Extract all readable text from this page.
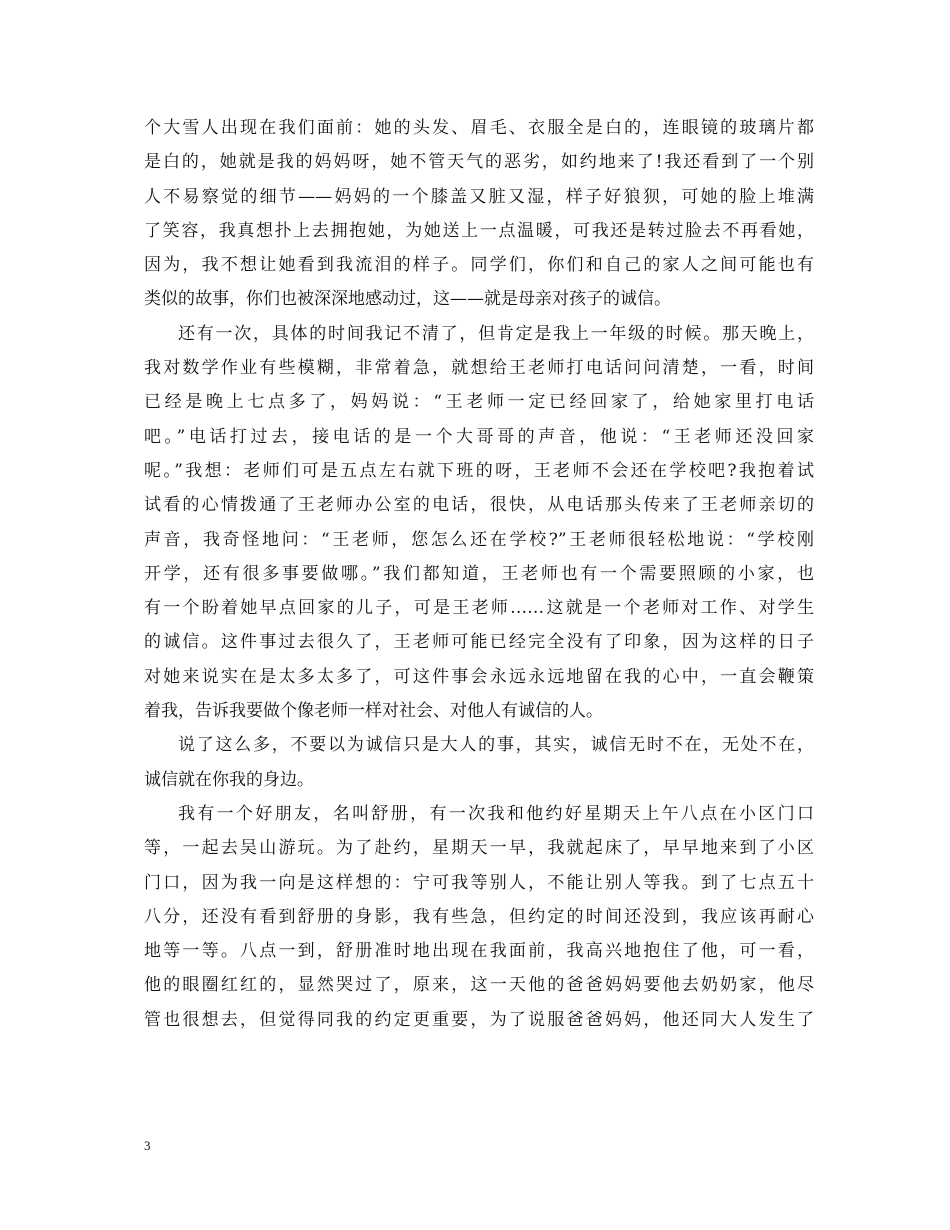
个大雪人出现在我们面前：她的头发、眉毛、衣服全是白的，连眼镜的玻璃片都
是白的，她就是我的妈妈呀，她不管天气的恶劣，如约地来了!我还看到了一个别
人不易察觉的细节——妈妈的一个膝盖又脏又湿，样子好狼狈，可她的脸上堆满
了笑容，我真想扑上去拥抱她，为她送上一点温暖，可我还是转过脸去不再看她，
因为，我不想让她看到我流泪的样子。同学们，你们和自己的家人之间可能也有
类似的故事，你们也被深深地感动过，这——就是母亲对孩子的诚信。
还有一次，具体的时间我记不清了，但肯定是我上一年级的时候。那天晚上，
我对数学作业有些模糊，非常着急，就想给王老师打电话问问清楚，一看，时间
已经是晚上七点多了，妈妈说：“王老师一定已经回家了，给她家里打电话
吧。”电话打过去，接电话的是一个大哥哥的声音，他说：“王老师还没回家
呢。”我想：老师们可是五点左右就下班的呀，王老师不会还在学校吧?我抱着试
试看的心情拨通了王老师办公室的电话，很快，从电话那头传来了王老师亲切的
声音，我奇怪地问：“王老师，您怎么还在学校?”王老师很轻松地说：“学校刚
开学，还有很多事要做哪。”我们都知道，王老师也有一个需要照顾的小家，也
有一个盼着她早点回家的儿子，可是王老师……这就是一个老师对工作、对学生
的诚信。这件事过去很久了，王老师可能已经完全没有了印象，因为这样的日子
对她来说实在是太多太多了，可这件事会永远永远地留在我的心中，一直会鞭策
着我，告诉我要做个像老师一样对社会、对他人有诚信的人。
说了这么多，不要以为诚信只是大人的事，其实，诚信无时不在，无处不在，
诚信就在你我的身边。
我有一个好朋友，名叫舒册，有一次我和他约好星期天上午八点在小区门口
等，一起去吴山游玩。为了赴约，星期天一早，我就起床了，早早地来到了小区
门口，因为我一向是这样想的：宁可我等别人，不能让别人等我。到了七点五十
八分，还没有看到舒册的身影，我有些急，但约定的时间还没到，我应该再耐心
地等一等。八点一到，舒册准时地出现在我面前，我高兴地抱住了他，可一看，
他的眼圈红红的，显然哭过了，原来，这一天他的爸爸妈妈要他去奶奶家，他尽
管也很想去，但觉得同我的约定更重要，为了说服爸爸妈妈，他还同大人发生了
3
